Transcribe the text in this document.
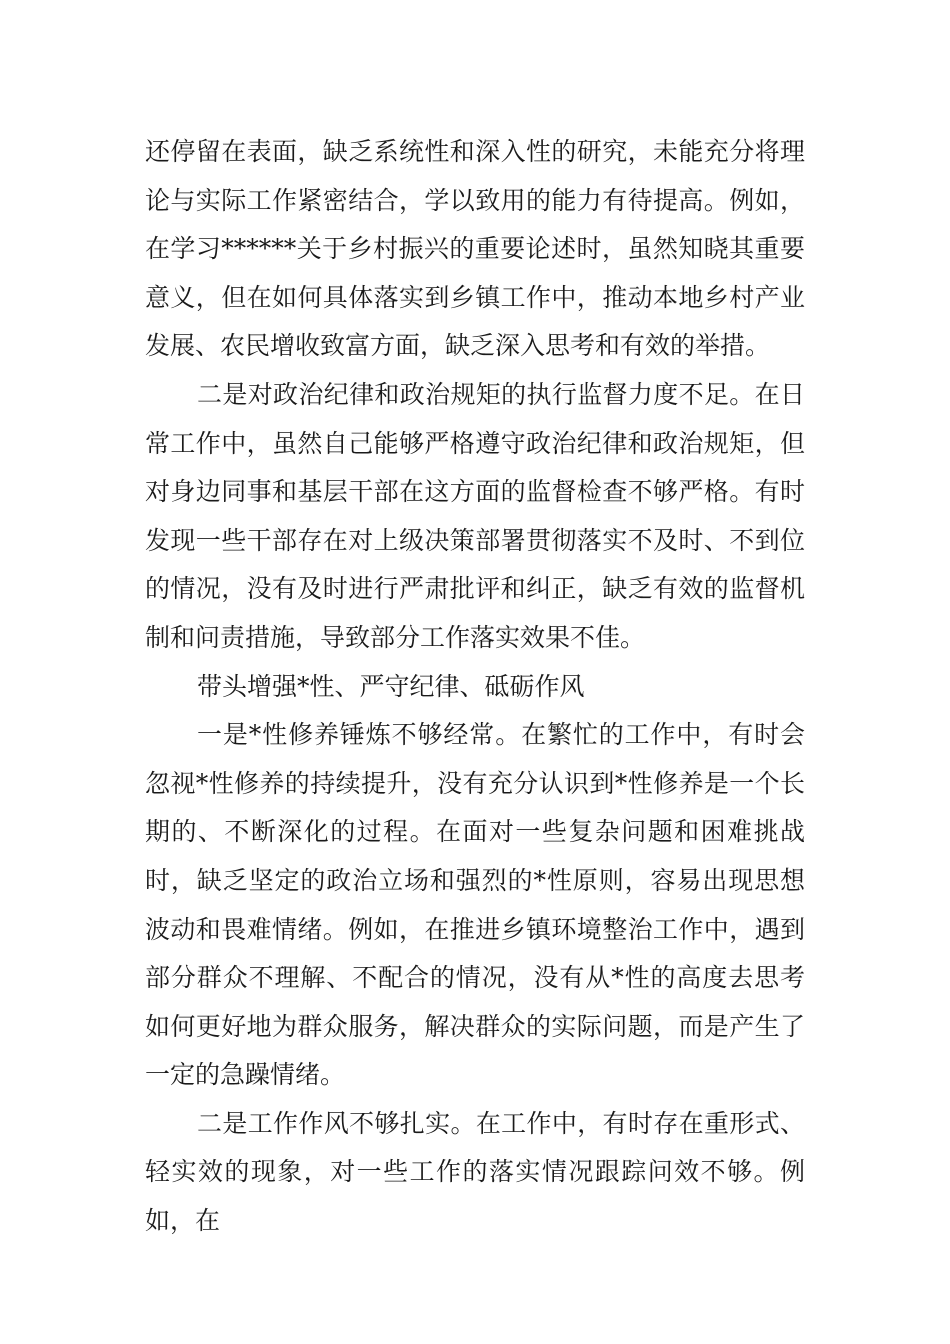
还停留在表面，缺乏系统性和深入性的研究，未能充分将理论与实际工作紧密结合，学以致用的能力有待提高。例如，在学习******关于乡村振兴的重要论述时，虽然知晓其重要意义，但在如何具体落实到乡镇工作中，推动本地乡村产业发展、农民增收致富方面，缺乏深入思考和有效的举措。

二是对政治纪律和政治规矩的执行监督力度不足。在日常工作中，虽然自己能够严格遵守政治纪律和政治规矩，但对身边同事和基层干部在这方面的监督检查不够严格。有时发现一些干部存在对上级决策部署贯彻落实不及时、不到位的情况，没有及时进行严肃批评和纠正，缺乏有效的监督机制和问责措施，导致部分工作落实效果不佳。

带头增强*性、严守纪律、砥砺作风

一是*性修养锤炼不够经常。在繁忙的工作中，有时会忽视*性修养的持续提升，没有充分认识到*性修养是一个长期的、不断深化的过程。在面对一些复杂问题和困难挑战时，缺乏坚定的政治立场和强烈的*性原则，容易出现思想波动和畏难情绪。例如，在推进乡镇环境整治工作中，遇到部分群众不理解、不配合的情况，没有从*性的高度去思考如何更好地为群众服务，解决群众的实际问题，而是产生了一定的急躁情绪。

二是工作作风不够扎实。在工作中，有时存在重形式、轻实效的现象，对一些工作的落实情况跟踪问效不够。例如，在
